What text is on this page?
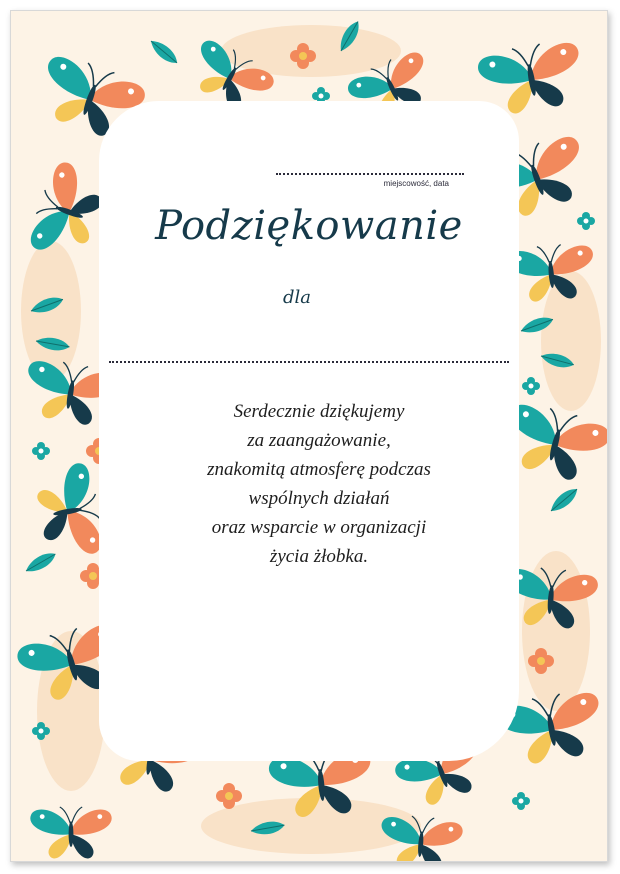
miejscowość, data
Podziękowanie
dla
Serdecznie dziękujemy
za zaangażowanie,
znakomitą atmosferę podczas
wspólnych działań
oraz wsparcie w organizacji
życia żłobka.
